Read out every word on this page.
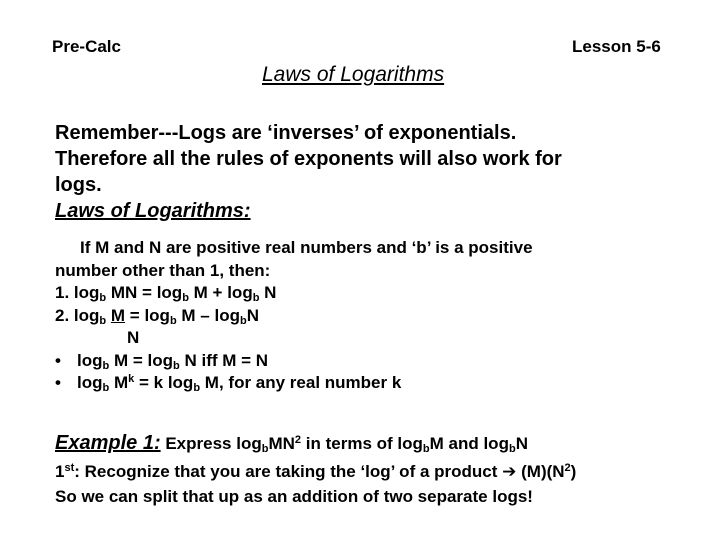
Pre-Calc	Lesson 5-6
Laws of Logarithms
Remember---Logs are ‘inverses’ of exponentials.
Therefore all the rules of exponents will also work for
logs.
Laws of Logarithms:
If M and N are positive real numbers and ‘b’ is a positive
number other than 1, then:
1. $\log_b$ MN = $\log_b M + \log_b N$
2. $\log_b M = \log_b M - \log_bN$
N
• $\log_b M = \log_b N$ iff M = N
• $\log_b M^k = k$ $\log_b M$, for any real number k
Example 1: Express $\log_bMN^2$ in terms of $\log_bM$ and $\log_bN$
1st: Recognize that you are taking the ‘log’ of a product ➔ $(M)(N^2)$
So we can split that up as an addition of two separate logs!
